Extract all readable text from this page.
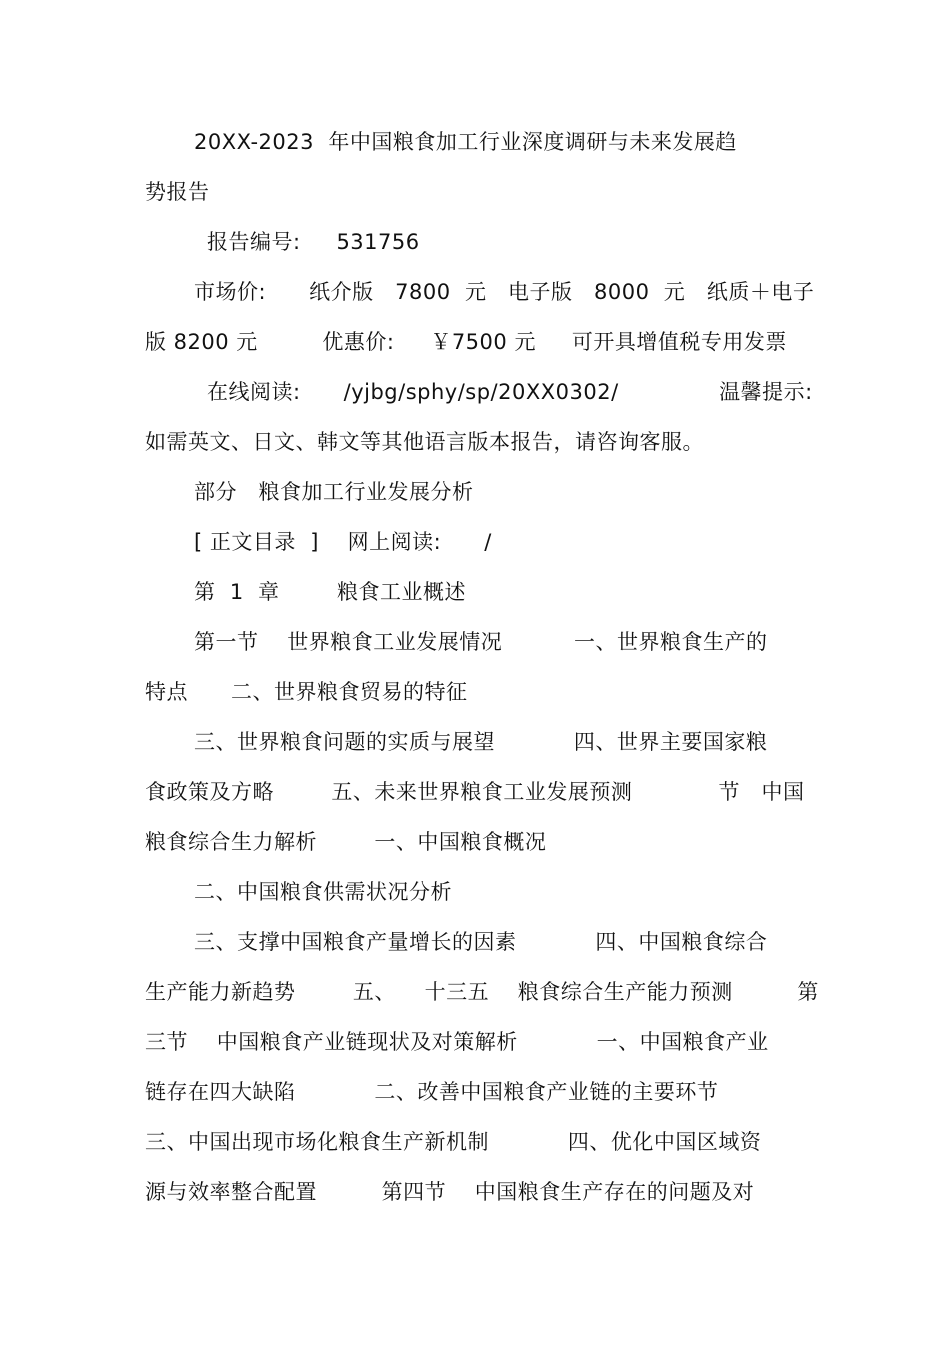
20XX-2023  年中国粮食加工行业深度调研与未来发展趋
势报告
报告编号:     531756
市场价:      纸介版   7800  元   电子版   8000  元   纸质＋电子
版 8200 元         优惠价:     ￥7500 元     可开具增值税专用发票
在线阅读:      /yjbg/sphy/sp/20XX0302/              温馨提示:
如需英文、日文、韩文等其他语言版本报告，请咨询客服。
部分   粮食加工行业发展分析
[ 正文目录  ]    网上阅读:      /
第  1  章        粮食工业概述
第一节    世界粮食工业发展情况          一、世界粮食生产的
特点      二、世界粮食贸易的特征
三、世界粮食问题的实质与展望           四、世界主要国家粮
食政策及方略        五、未来世界粮食工业发展预测            节   中国
粮食综合生力解析        一、中国粮食概况
二、中国粮食供需状况分析
三、支撑中国粮食产量增长的因素           四、中国粮食综合
生产能力新趋势        五、    十三五    粮食综合生产能力预测         第
三节    中国粮食产业链现状及对策解析           一、中国粮食产业
链存在四大缺陷           二、改善中国粮食产业链的主要环节
三、中国出现市场化粮食生产新机制           四、优化中国区域资
源与效率整合配置         第四节    中国粮食生产存在的问题及对
